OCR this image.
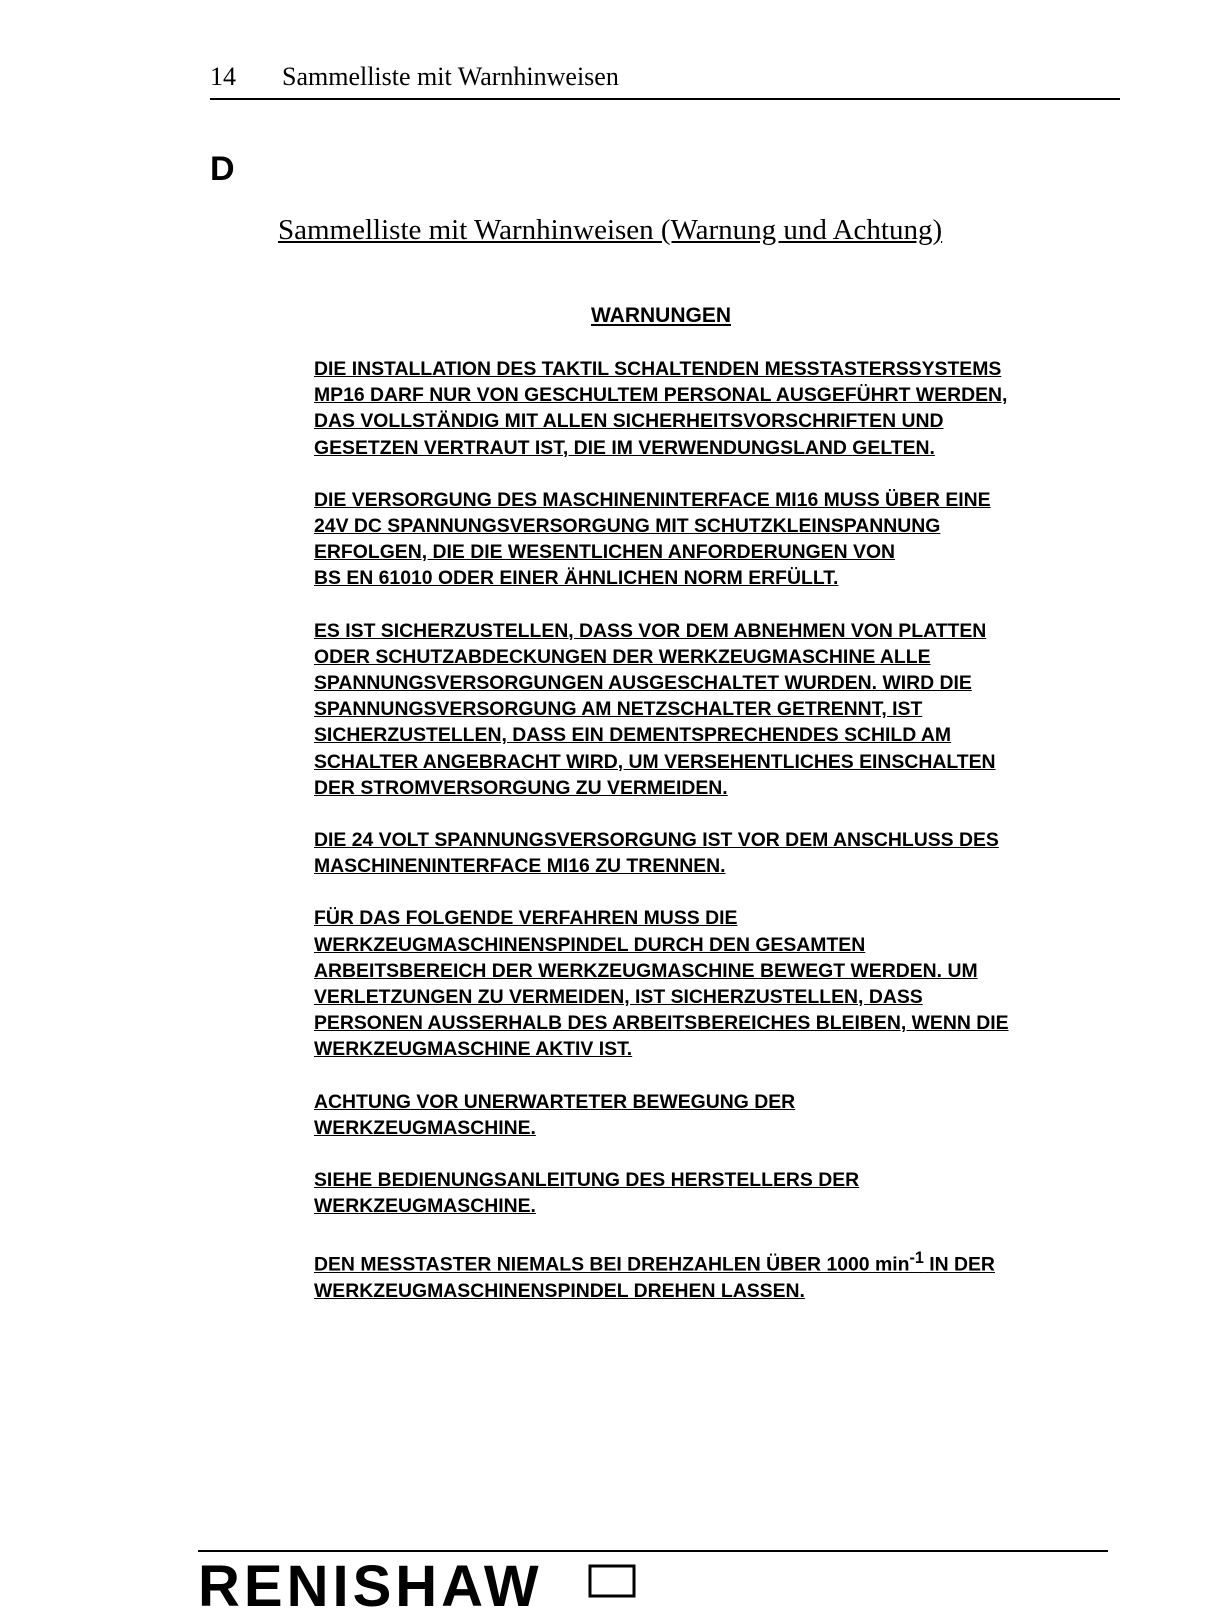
14 Sammelliste mit Warnhinweisen
D
Sammelliste mit Warnhinweisen (Warnung und Achtung)
WARNUNGEN

DIE INSTALLATION DES TAKTIL SCHALTENDEN MESSTASTERSSYSTEMS
MP16 DARF NUR VON GESCHULTEM PERSONAL AUSGEFÜHRT WERDEN,
DAS VOLLSTÄNDIG MIT ALLEN SICHERHEITSVORSCHRIFTEN UND
GESETZEN VERTRAUT IST, DIE IM VERWENDUNGSLAND GELTEN.

DIE VERSORGUNG DES MASCHINENINTERFACE MI16 MUSS ÜBER EINE
24V DC SPANNUNGSVERSORGUNG MIT SCHUTZKLEINSPANNUNG
ERFOLGEN, DIE DIE WESENTLICHEN ANFORDERUNGEN VON
BS EN 61010 ODER EINER ÄHNLICHEN NORM ERFÜLLT.

ES IST SICHERZUSTELLEN, DASS VOR DEM ABNEHMEN VON PLATTEN
ODER SCHUTZABDECKUNGEN DER WERKZEUGMASCHINE ALLE
SPANNUNGSVERSORGUNGEN AUSGESCHALTET WURDEN. WIRD DIE
SPANNUNGSVERSORGUNG AM NETZSCHALTER GETRENNT, IST
SICHERZUSTELLEN, DASS EIN DEMENTSPRECHENDES SCHILD AM
SCHALTER ANGEBRACHT WIRD, UM VERSEHENTLICHES EINSCHALTEN
DER STROMVERSORGUNG ZU VERMEIDEN.

DIE 24 VOLT SPANNUNGSVERSORGUNG IST VOR DEM ANSCHLUSS DES
MASCHINENINTERFACE MI16 ZU TRENNEN.

FÜR DAS FOLGENDE VERFAHREN MUSS DIE
WERKZEUGMASCHINENSPINDEL DURCH DEN GESAMTEN
ARBEITSBEREICH DER WERKZEUGMASCHINE BEWEGT WERDEN. UM
VERLETZUNGEN ZU VERMEIDEN, IST SICHERZUSTELLEN, DASS
PERSONEN AUSSERHALB DES ARBEITSBEREICHES BLEIBEN, WENN DIE
WERKZEUGMASCHINE AKTIV IST.

ACHTUNG VOR UNERWARTETER BEWEGUNG DER
WERKZEUGMASCHINE.

SIEHE BEDIENUNGSANLEITUNG DES HERSTELLERS DER
WERKZEUGMASCHINE.

DEN MESSTASTER NIEMALS BEI DREHZAHLEN ÜBER 1000 $\min^{-1}$ IN DER
WERKZEUGMASCHINENSPINDEL DREHEN LASSEN.

RENISHAW
